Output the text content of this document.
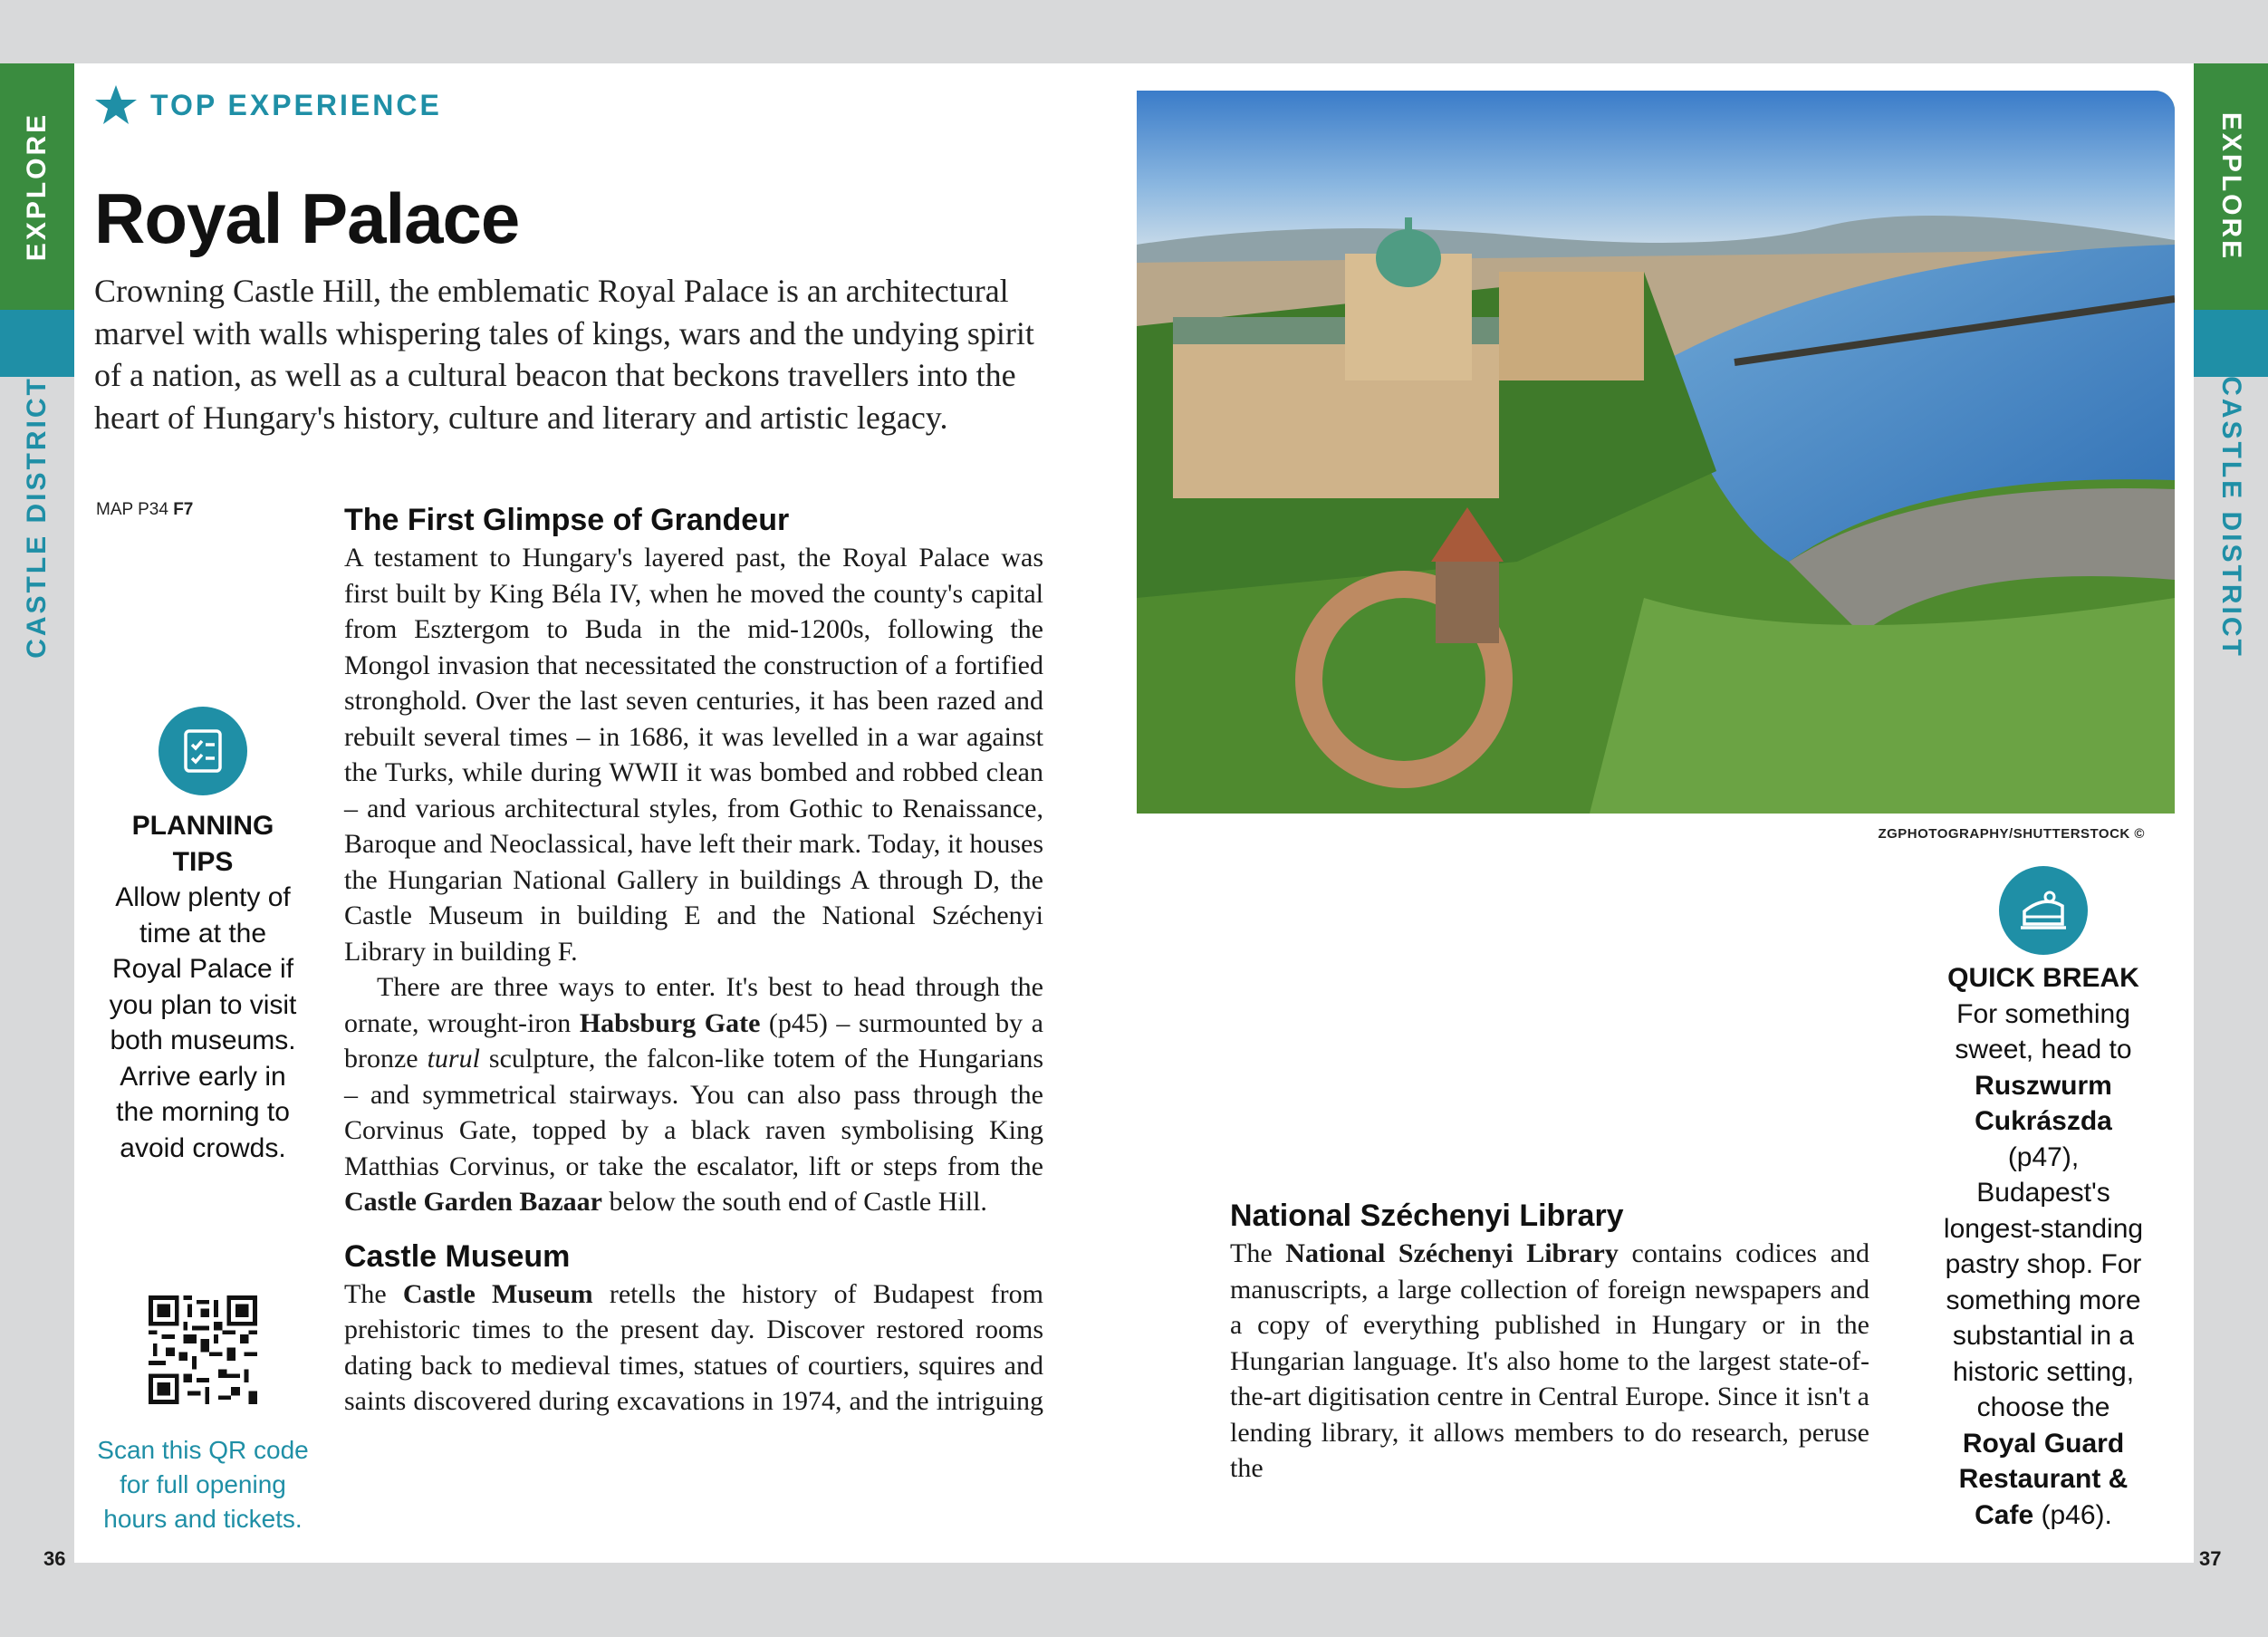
EXPLORE
CASTLE DISTRICT
EXPLORE
CASTLE DISTRICT
36	37
TOP EXPERIENCE
Royal Palace

Crowning Castle Hill, the emblematic Royal Palace is an architectural marvel with walls whispering tales of kings, wars and the undying spirit of a nation, as well as a cultural beacon that beckons travellers into the heart of Hungary's history, culture and literary and artistic legacy.

MAP P34 F7
PLANNING TIPS

Allow plenty of time at the Royal Palace if you plan to visit both museums. Arrive early in the morning to avoid crowds.

Scan this QR code for full opening hours and tickets.

The First Glimpse of Grandeur

A testament to Hungary's layered past, the Royal Palace was first built by King Béla IV, when he moved the county's capital from Esztergom to Buda in the mid-1200s, following the Mongol invasion that necessitated the construction of a fortified stronghold. Over the last seven centuries, it has been razed and rebuilt several times – in 1686, it was levelled in a war against the Turks, while during WWII it was bombed and robbed clean – and various architectural styles, from Gothic to Renaissance, Baroque and Neoclassical, have left their mark. Today, it houses the Hungarian National Gallery in buildings A through D, the Castle Museum in building E and the National Széchenyi Library in building F.

There are three ways to enter. It's best to head through the ornate, wrought-iron Habsburg Gate (p45) – surmounted by a bronze turul sculpture, the falcon-like totem of the Hungarians – and symmetrical stairways. You can also pass through the Corvinus Gate, topped by a black raven symbolising King Matthias Corvinus, or take the escalator, lift or steps from the Castle Garden Bazaar below the south end of Castle Hill.

Castle Museum

The Castle Museum retells the history of Budapest from prehistoric times to the present day. Discover restored rooms dating back to medieval times, statues of courtiers, squires and saints discovered during excavations in 1974, and the intriguing

ZGPHOTOGRAPHY/SHUTTERSTOCK ©

National Széchenyi Library

The National Széchenyi Library contains codices and manuscripts, a large collection of foreign newspapers and a copy of everything published in Hungary or in the Hungarian language. It's also home to the largest state-of-the-art digitisation centre in Central Europe. Since it isn't a lending library, it allows members to do research, peruse the

QUICK BREAK

For something sweet, head to Ruszwurm Cukrászda (p47), Budapest's longest-standing pastry shop. For something more substantial in a historic setting, choose the Royal Guard Restaurant & Cafe (p46).
